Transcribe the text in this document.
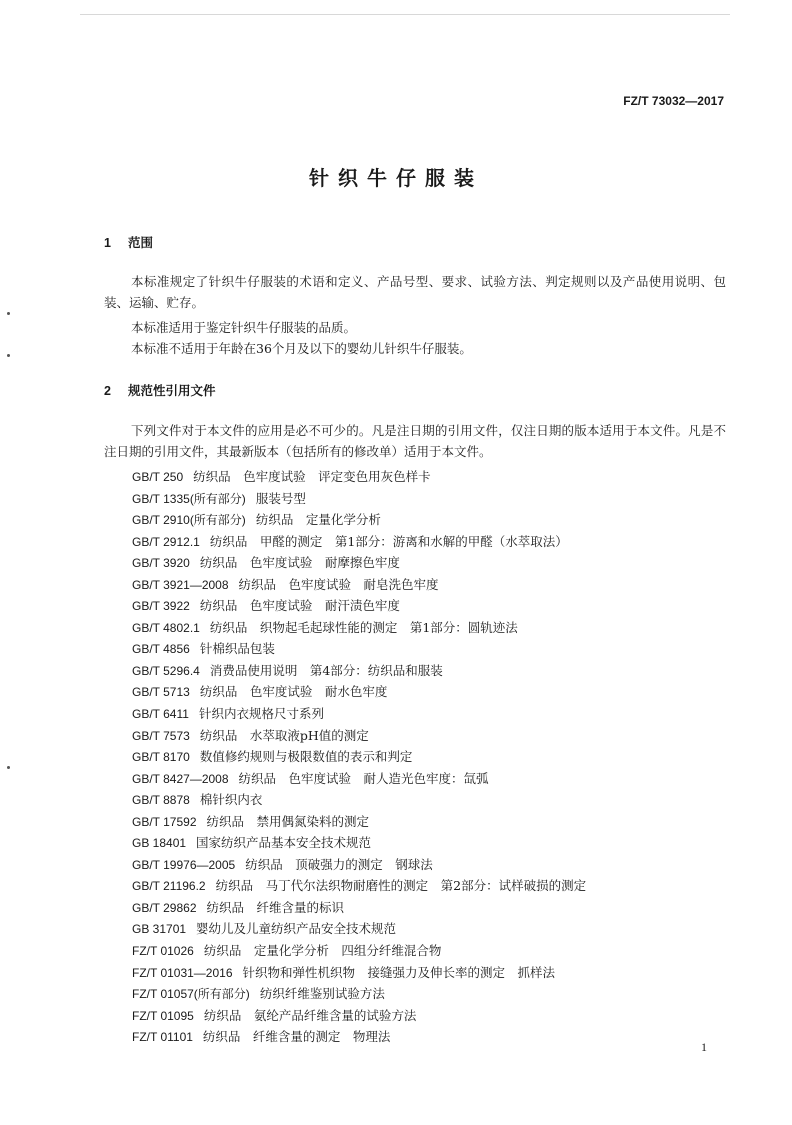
FZ/T 73032—2017
针织牛仔服装
1 范围
本标准规定了针织牛仔服装的术语和定义、产品号型、要求、试验方法、判定规则以及产品使用说明、包装、运输、贮存。
本标准适用于鉴定针织牛仔服装的品质。
本标准不适用于年龄在36个月及以下的婴幼儿针织牛仔服装。
2 规范性引用文件
下列文件对于本文件的应用是必不可少的。凡是注日期的引用文件，仅注日期的版本适用于本文件。凡是不注日期的引用文件，其最新版本（包括所有的修改单）适用于本文件。
GB/T 250 纺织品　色牢度试验　评定变色用灰色样卡
GB/T 1335(所有部分) 服装号型
GB/T 2910(所有部分) 纺织品　定量化学分析
GB/T 2912.1 纺织品　甲醛的测定　第1部分：游离和水解的甲醛（水萃取法）
GB/T 3920 纺织品　色牢度试验　耐摩擦色牢度
GB/T 3921—2008 纺织品　色牢度试验　耐皂洗色牢度
GB/T 3922 纺织品　色牢度试验　耐汗渍色牢度
GB/T 4802.1 纺织品　织物起毛起球性能的测定　第1部分：圆轨迹法
GB/T 4856 针棉织品包装
GB/T 5296.4 消费品使用说明　第4部分：纺织品和服装
GB/T 5713 纺织品　色牢度试验　耐水色牢度
GB/T 6411 针织内衣规格尺寸系列
GB/T 7573 纺织品　水萃取液pH值的测定
GB/T 8170 数值修约规则与极限数值的表示和判定
GB/T 8427—2008 纺织品　色牢度试验　耐人造光色牢度：氙弧
GB/T 8878 棉针织内衣
GB/T 17592 纺织品　禁用偶氮染料的测定
GB 18401 国家纺织产品基本安全技术规范
GB/T 19976—2005 纺织品　顶破强力的测定　钢球法
GB/T 21196.2 纺织品　马丁代尔法织物耐磨性的测定　第2部分：试样破损的测定
GB/T 29862 纺织品　纤维含量的标识
GB 31701 婴幼儿及儿童纺织产品安全技术规范
FZ/T 01026 纺织品　定量化学分析　四组分纤维混合物
FZ/T 01031—2016 针织物和弹性机织物　接缝强力及伸长率的测定　抓样法
FZ/T 01057(所有部分) 纺织纤维鉴别试验方法
FZ/T 01095 纺织品　氨纶产品纤维含量的试验方法
FZ/T 01101 纺织品　纤维含量的测定　物理法
1
